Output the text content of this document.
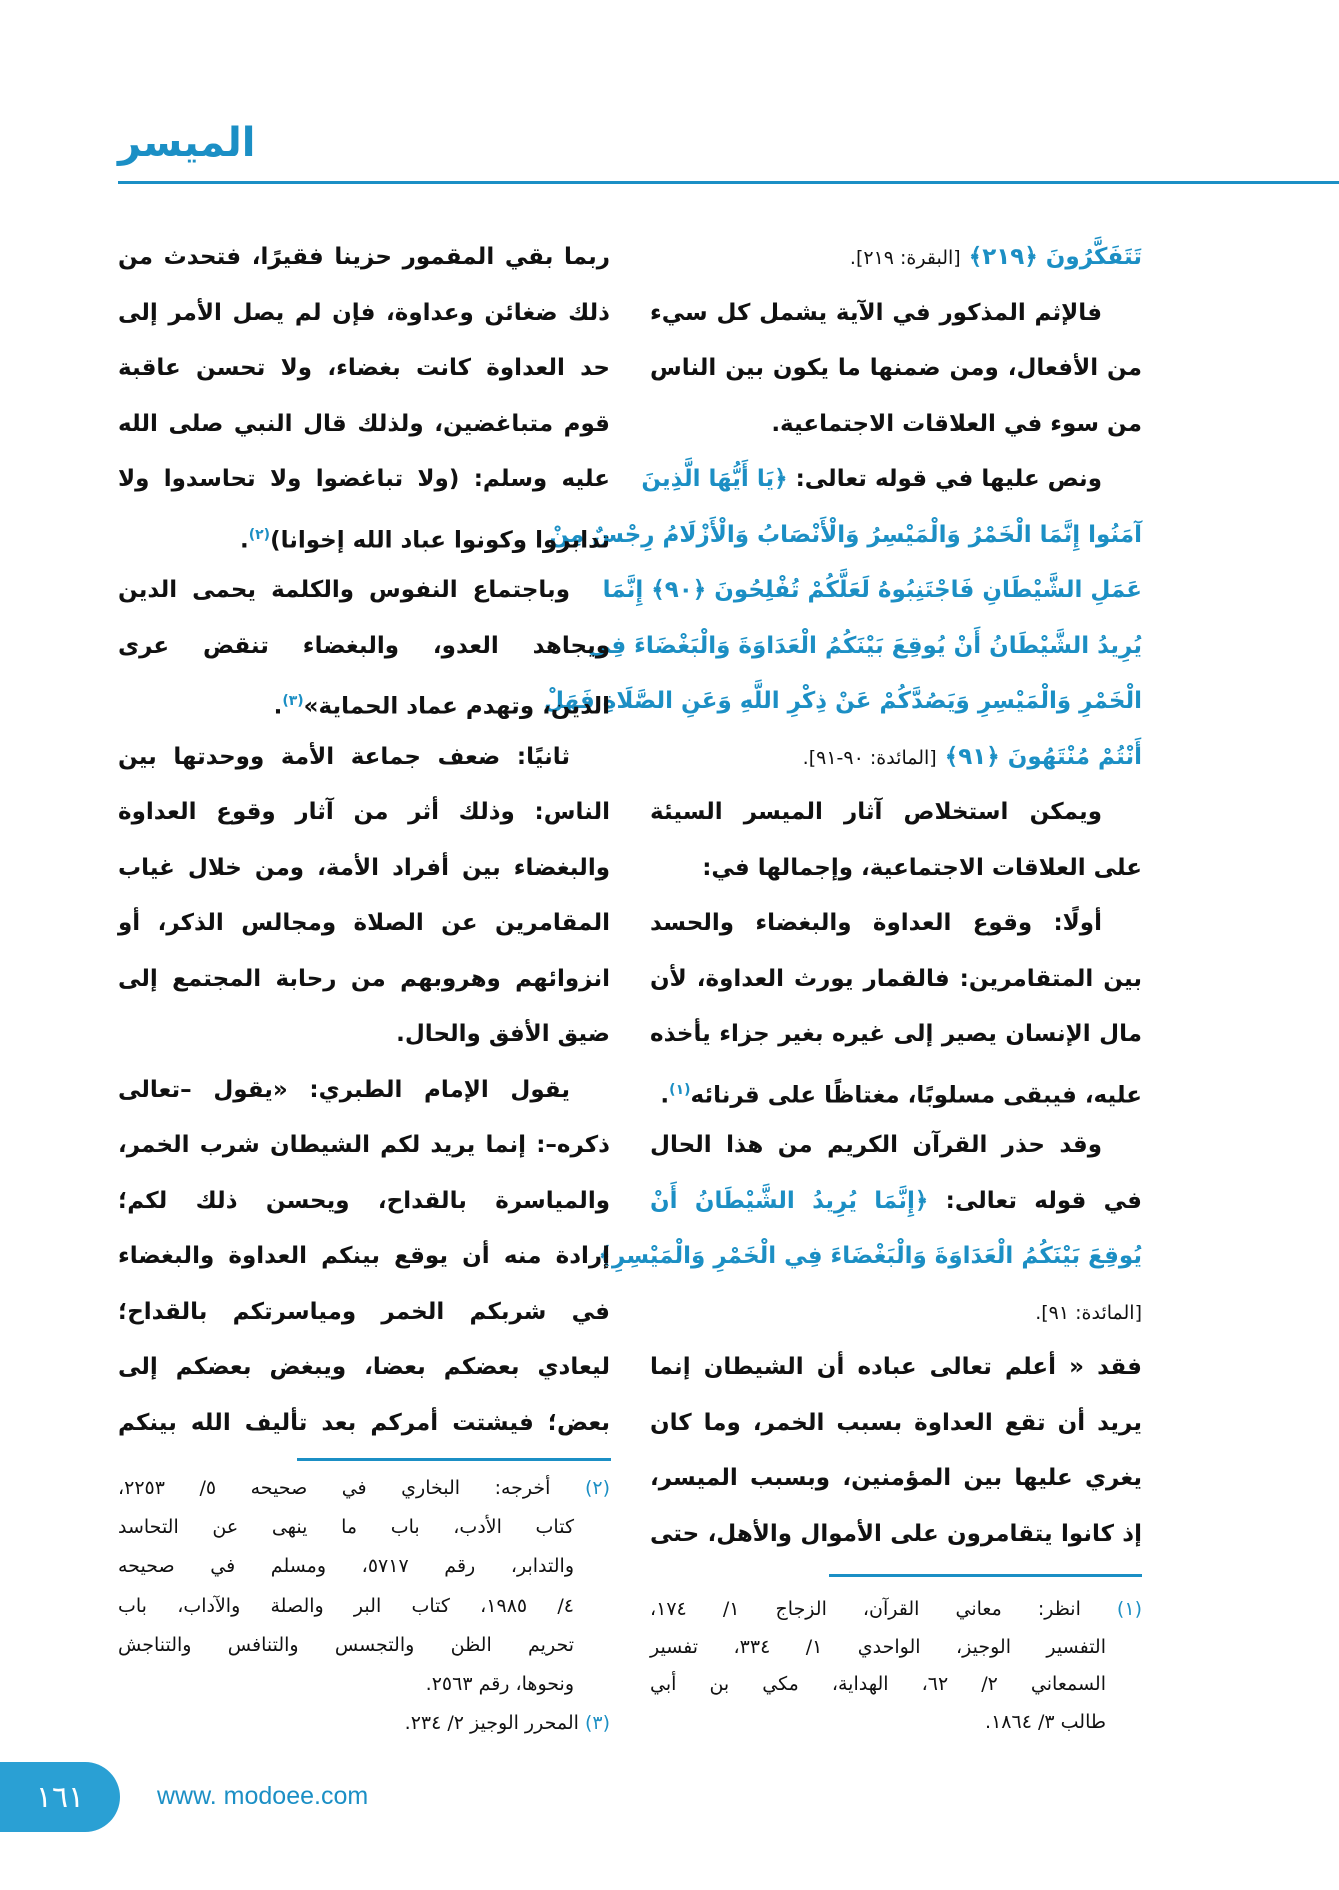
الميسر
تَتَفَكَّرُونَ ﴿٢١٩﴾ [البقرة: ٢١٩].
فالإثم المذكور في الآية يشمل كل سيء
من الأفعال، ومن ضمنها ما يكون بين الناس
من سوء في العلاقات الاجتماعية.
ونص عليها في قوله تعالى: ﴿يَا أَيُّهَا الَّذِينَ
آمَنُوا إِنَّمَا الْخَمْرُ وَالْمَيْسِرُ وَالْأَنْصَابُ وَالْأَزْلَامُ رِجْسٌ مِنْ
عَمَلِ الشَّيْطَانِ فَاجْتَنِبُوهُ لَعَلَّكُمْ تُفْلِحُونَ ﴿٩٠﴾ إِنَّمَا
يُرِيدُ الشَّيْطَانُ أَنْ يُوقِعَ بَيْنَكُمُ الْعَدَاوَةَ وَالْبَغْضَاءَ فِي
الْخَمْرِ وَالْمَيْسِرِ وَيَصُدَّكُمْ عَنْ ذِكْرِ اللَّهِ وَعَنِ الصَّلَاةِ فَهَلْ
أَنْتُمْ مُنْتَهُونَ ﴿٩١﴾ [المائدة: ٩٠-٩١].
ويمكن استخلاص آثار الميسر السيئة
على العلاقات الاجتماعية، وإجمالها في:
أولًا: وقوع العداوة والبغضاء والحسد
بين المتقامرين: فالقمار يورث العداوة، لأن
مال الإنسان يصير إلى غيره بغير جزاء يأخذه
عليه، فيبقى مسلوبًا، مغتاظًا على قرنائه$^{(١)}$.
وقد حذر القرآن الكريم من هذا الحال
في قوله تعالى: ﴿إِنَّمَا يُرِيدُ الشَّيْطَانُ أَنْ
يُوقِعَ بَيْنَكُمُ الْعَدَاوَةَ وَالْبَغْضَاءَ فِي الْخَمْرِ وَالْمَيْسِرِ﴾
[المائدة: ٩١].
فقد « أعلم تعالى عباده أن الشيطان إنما
يريد أن تقع العداوة بسبب الخمر، وما كان
يغري عليها بين المؤمنين، وبسبب الميسر،
إذ كانوا يتقامرون على الأموال والأهل، حتى
(١) انظر: معاني القرآن، الزجاج ١/ ١٧٤،
التفسير الوجيز، الواحدي ١/ ٣٣٤، تفسير
السمعاني ٢/ ٦٢، الهداية، مكي بن أبي
طالب ٣/ ١٨٦٤.
ربما بقي المقمور حزينا فقيرًا، فتحدث من
ذلك ضغائن وعداوة، فإن لم يصل الأمر إلى
حد العداوة كانت بغضاء، ولا تحسن عاقبة
قوم متباغضين، ولذلك قال النبي صلى الله
عليه وسلم: (ولا تباغضوا ولا تحاسدوا ولا
تدابروا وكونوا عباد الله إخوانا)$^{(٢)}$.
وباجتماع النفوس والكلمة يحمى الدين
ويجاهد العدو، والبغضاء تنقض عرى
الدين، وتهدم عماد الحماية»$^{(٣)}$.
ثانيًا: ضعف جماعة الأمة ووحدتها بين
الناس: وذلك أثر من آثار وقوع العداوة
والبغضاء بين أفراد الأمة، ومن خلال غياب
المقامرين عن الصلاة ومجالس الذكر، أو
انزوائهم وهروبهم من رحابة المجتمع إلى
ضيق الأفق والحال.
يقول الإمام الطبري: «يقول –تعالى
ذكره–: إنما يريد لكم الشيطان شرب الخمر،
والمياسرة بالقداح، ويحسن ذلك لكم؛
إرادة منه أن يوقع بينكم العداوة والبغضاء
في شربكم الخمر ومياسرتكم بالقداح؛
ليعادي بعضكم بعضا، ويبغض بعضكم إلى
بعض؛ فيشتت أمركم بعد تأليف الله بينكم
(٢) أخرجه: البخاري في صحيحه ٥/ ٢٢٥٣،
كتاب الأدب، باب ما ينهى عن التحاسد
والتدابر، رقم ٥٧١٧، ومسلم في صحيحه
٤/ ١٩٨٥، كتاب البر والصلة والآداب، باب
تحريم الظن والتجسس والتنافس والتناجش
ونحوها، رقم ٢٥٦٣.
(٣) المحرر الوجيز ٢/ ٢٣٤.
١٦١	www. modoee.com
